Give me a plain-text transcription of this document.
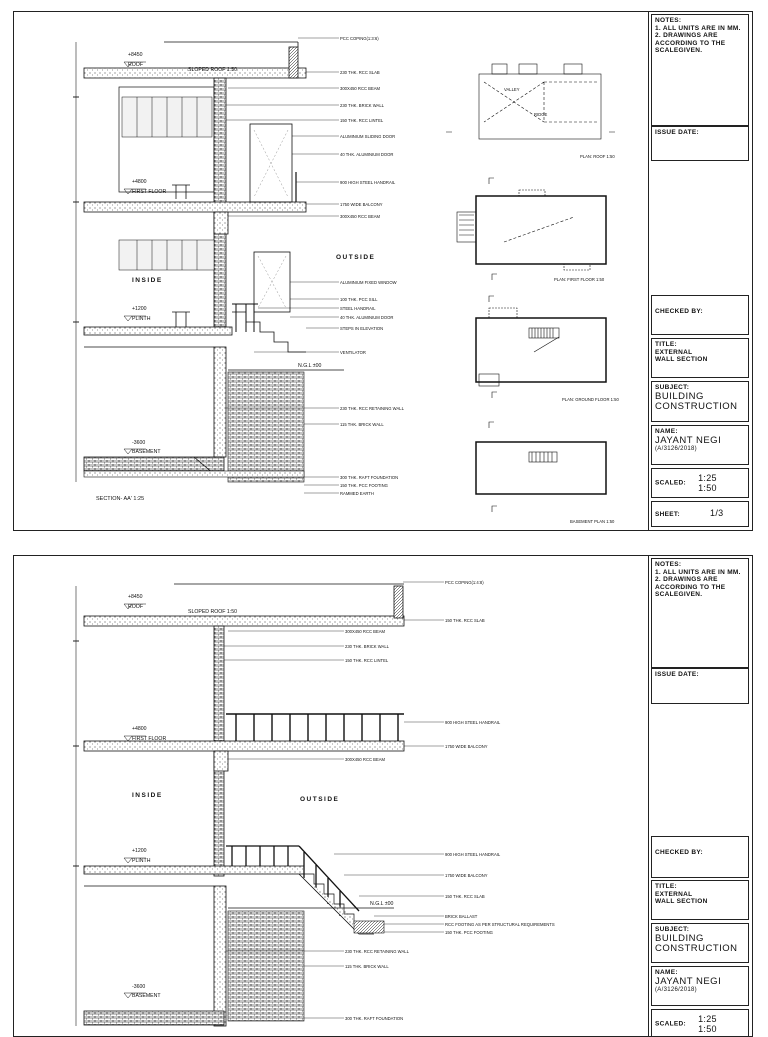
+8450
ROOF
SLOPED ROOF 1:50
+4800
FIRST FLOOR
+1200
PLINTH
-3600
BASEMENT
N.G.L ±00
INSIDE
OUTSIDE
SECTION- AA' 1:25
PCC COPING(1:3:6)
230 THK. RCC SLAB
300X450 RCC BEAM
230 THK. BRICK WALL
150 THK. RCC LINTEL
ALUMINIUM SLIDING DOOR
40 THK. ALUMINIUM DOOR
900 HIGH STEEL HANDRAIL
1750 WIDE BALCONY
300X450 RCC BEAM
ALUMINIUM FIXED WINDOW
100 THK. PCC SILL
STEEL HANDRAIL
40 THK. ALUMINIUM DOOR
STEPS IN ELEVATION
VENTILATOR
230 THK. RCC RETAINING WALL
115 THK. BRICK WALL
300 THK. RAFT FOUNDATION
150 THK. PCC FOOTING
RAMMED EARTH
VALLEY
RIDGE
PLAN: ROOF 1:50
PLAN: FIRST FLOOR 1:50
PLAN: GROUND FLOOR 1:50
BASEMENT PLAN 1:50
NOTES:
1. ALL UNITS ARE IN MM.
2. DRAWINGS ARE ACCORDING TO THE SCALEGIVEN.
ISSUE DATE:
CHECKED BY:
TITLE:
EXTERNAL
WALL SECTION
SUBJECT:
BUILDING
CONSTRUCTION
NAME:
JAYANT NEGI
(A/3126/2018)
SCALED: 1:25
1:50
SHEET:	1/3
+8450
ROOF
SLOPED ROOF 1:50
+4800
FIRST FLOOR
+1200
PLINTH
-3600
BASEMENT
N.G.L ±00
INSIDE
OUTSIDE
PCC COPING(1:4:8)
150 THK. RCC SLAB
300X450 RCC BEAM
230 THK. BRICK WALL
150 THK. RCC LINTEL
900 HIGH STEEL HANDRAIL
1750 WIDE BALCONY
300X450 RCC BEAM
900 HIGH STEEL HANDRAIL
1750 WIDE BALCONY
150 THK. RCC SLAB
BRICK BALLAST
RCC FOOTING AS PER STRUCTURAL REQUIREMENTS
150 THK. PCC FOOTING
230 THK. RCC RETAINING WALL
115 THK. BRICK WALL
300 THK. RAFT FOUNDATION
NOTES:
1. ALL UNITS ARE IN MM.
2. DRAWINGS ARE ACCORDING TO THE SCALEGIVEN.
ISSUE DATE:
CHECKED BY:
TITLE:
EXTERNAL
WALL SECTION
SUBJECT:
BUILDING
CONSTRUCTION
NAME:
JAYANT NEGI
(A/3126/2018)
SCALED: 1:25
1:50
